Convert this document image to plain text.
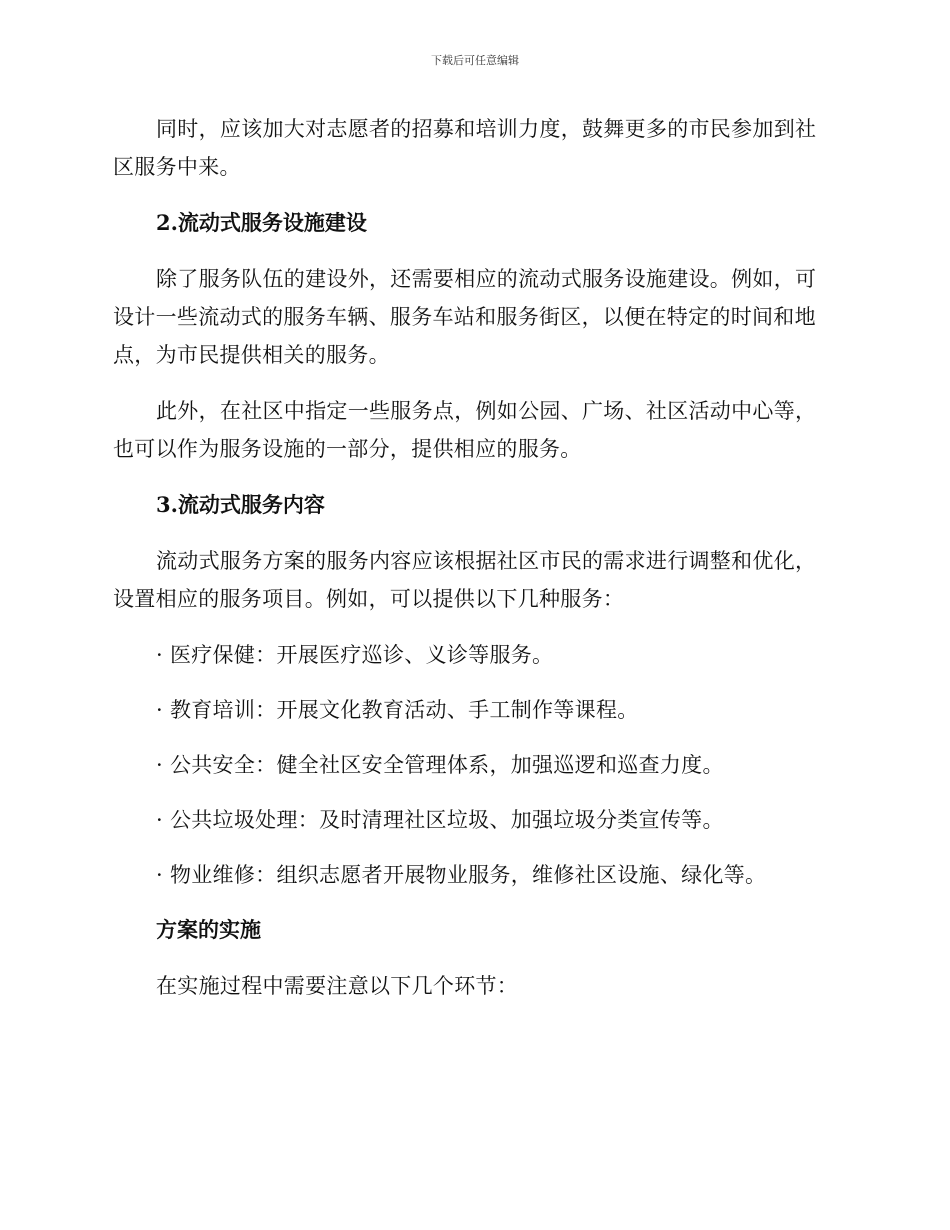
下载后可任意编辑

同时，应该加大对志愿者的招募和培训力度，鼓舞更多的市民参加到社区服务中来。

2.流动式服务设施建设

除了服务队伍的建设外，还需要相应的流动式服务设施建设。例如，可设计一些流动式的服务车辆、服务车站和服务街区，以便在特定的时间和地点，为市民提供相关的服务。

此外，在社区中指定一些服务点，例如公园、广场、社区活动中心等，也可以作为服务设施的一部分，提供相应的服务。

3.流动式服务内容

流动式服务方案的服务内容应该根据社区市民的需求进行调整和优化，设置相应的服务项目。例如，可以提供以下几种服务：

· 医疗保健：开展医疗巡诊、义诊等服务。
· 教育培训：开展文化教育活动、手工制作等课程。
· 公共安全：健全社区安全管理体系，加强巡逻和巡查力度。
· 公共垃圾处理：及时清理社区垃圾、加强垃圾分类宣传等。
· 物业维修：组织志愿者开展物业服务，维修社区设施、绿化等。
方案的实施

在实施过程中需要注意以下几个环节：
